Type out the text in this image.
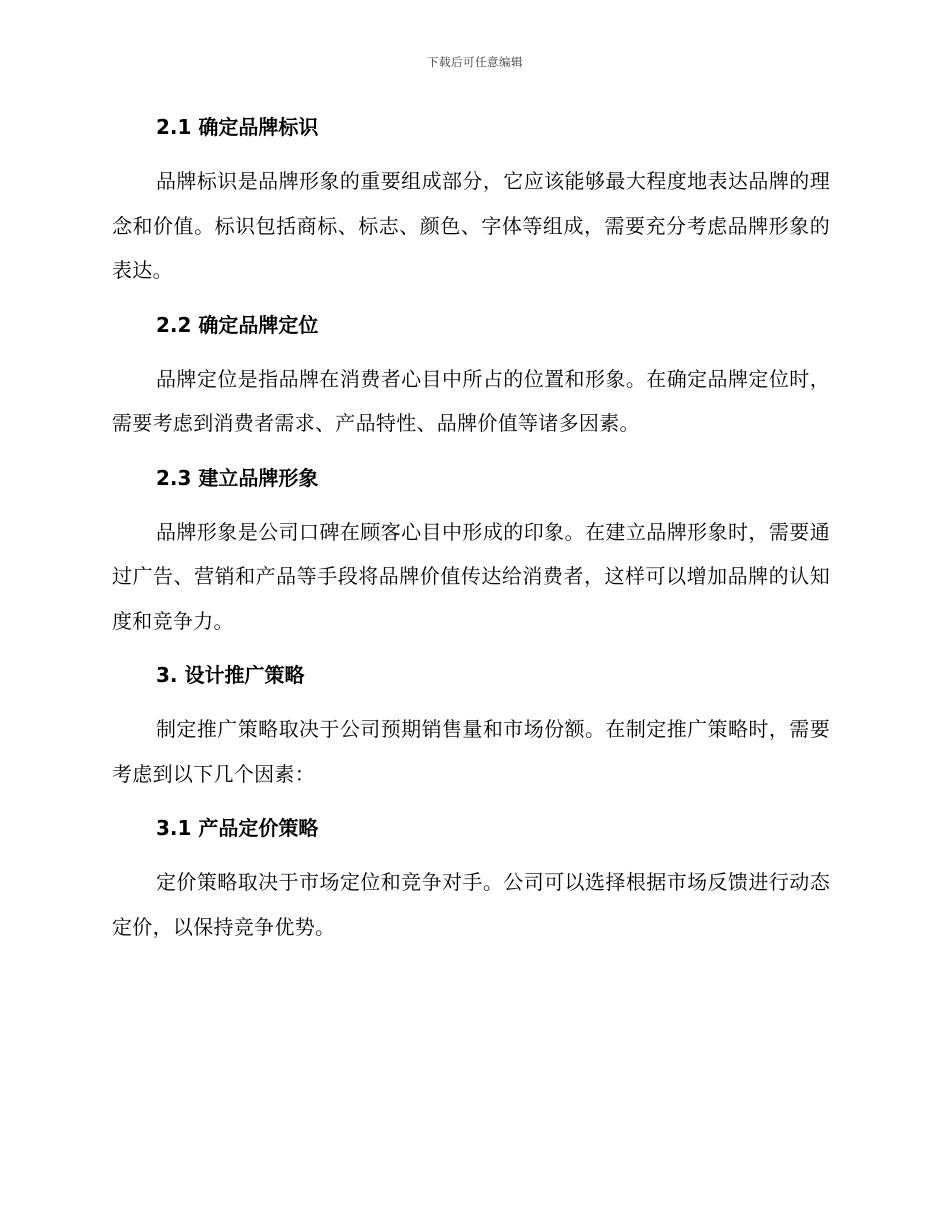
下载后可任意编辑
2.1 确定品牌标识

品牌标识是品牌形象的重要组成部分，它应该能够最大程度地表达品牌的理念和价值。标识包括商标、标志、颜色、字体等组成，需要充分考虑品牌形象的表达。

2.2 确定品牌定位

品牌定位是指品牌在消费者心目中所占的位置和形象。在确定品牌定位时，需要考虑到消费者需求、产品特性、品牌价值等诸多因素。

2.3 建立品牌形象

品牌形象是公司口碑在顾客心目中形成的印象。在建立品牌形象时，需要通过广告、营销和产品等手段将品牌价值传达给消费者，这样可以增加品牌的认知度和竞争力。

3. 设计推广策略

制定推广策略取决于公司预期销售量和市场份额。在制定推广策略时，需要考虑到以下几个因素：

3.1 产品定价策略

定价策略取决于市场定位和竞争对手。公司可以选择根据市场反馈进行动态定价，以保持竞争优势。
